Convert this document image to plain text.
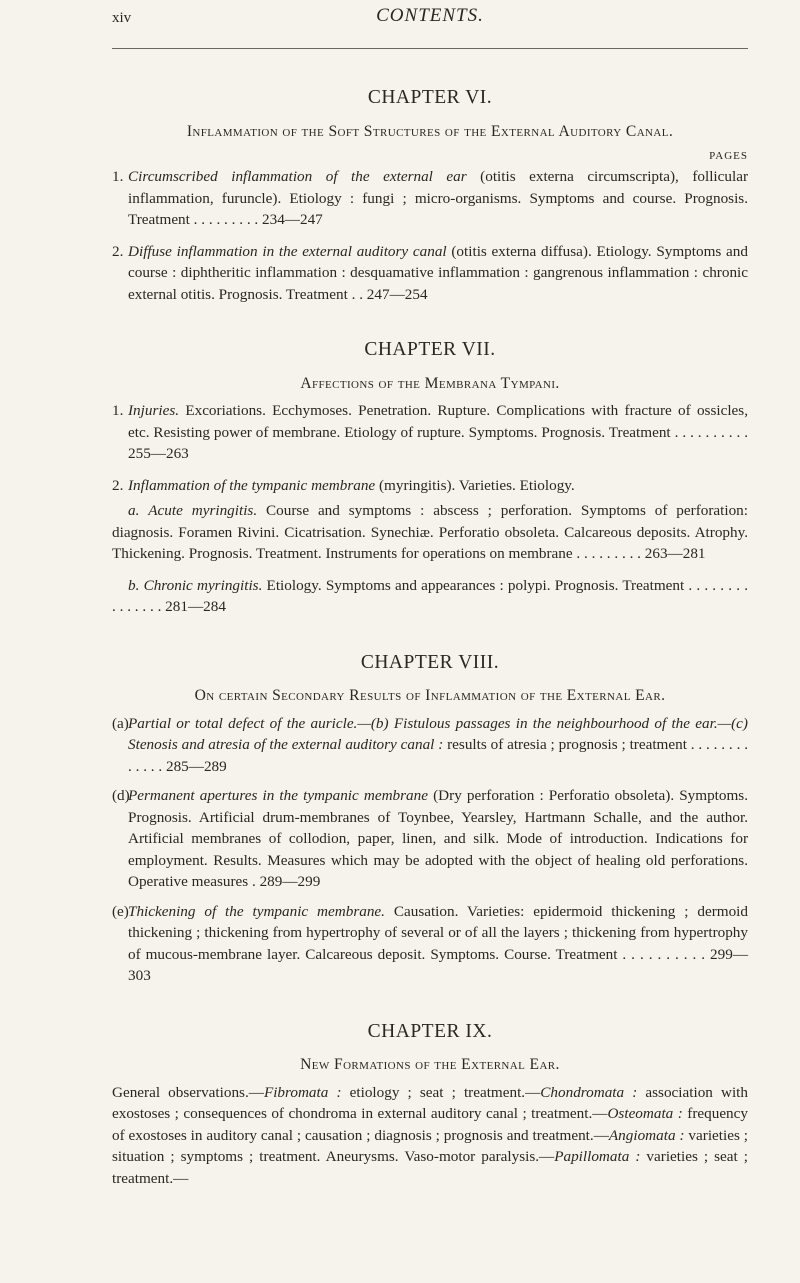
xiv	CONTENTS.
CHAPTER VI.
Inflammation of the Soft Structures of the External Auditory Canal.
PAGES
1. Circumscribed inflammation of the external ear (otitis externa circumscripta), follicular inflammation, furuncle). Etiology : fungi ; micro-organisms. Symptoms and course. Prognosis. Treatment . . . . . . . . . 234—247
2. Diffuse inflammation in the external auditory canal (otitis externa diffusa). Etiology. Symptoms and course : diphtheritic inflammation : desquamative inflammation : gangrenous inflammation : chronic external otitis. Prognosis. Treatment . . 247—254
CHAPTER VII.
Affections of the Membrana Tympani.
1. Injuries. Excoriations. Ecchymoses. Penetration. Rupture. Complications with fracture of ossicles, etc. Resisting power of membrane. Etiology of rupture. Symptoms. Prognosis. Treatment . . . . . . . . . . 255—263
2. Inflammation of the tympanic membrane (myringitis). Varieties. Etiology.
a. Acute myringitis. Course and symptoms : abscess ; perforation. Symptoms of perforation: diagnosis. Foramen Rivini. Cicatrisation. Synechiæ. Perforatio obsoleta. Calcareous deposits. Atrophy. Thickening. Prognosis. Treatment. Instruments for operations on membrane . . . . . . . . . 263—281
b. Chronic myringitis. Etiology. Symptoms and appearances : polypi. Prognosis. Treatment . . . . . . . . . . . . . . . 281—284
CHAPTER VIII.
On certain Secondary Results of Inflammation of the External Ear.
(a) Partial or total defect of the auricle.—(b) Fistulous passages in the neighbourhood of the ear.—(c) Stenosis and atresia of the external auditory canal : results of atresia ; prognosis ; treatment . . . . . . . . . . . . . 285—289
(d)
Permanent apertures in the tympanic membrane (Dry perforation : Perforatio obsoleta). Symptoms. Prognosis. Artificial drum-membranes of Toynbee, Yearsley, Hartmann Schalle, and the author. Artificial membranes of collodion, paper, linen, and silk. Mode of introduction. Indications for employment. Results. Measures which may be adopted with the object of healing old perforations. Operative measures . 289—299
(e) Thickening of the tympanic membrane. Causation. Varieties: epidermoid thickening ; dermoid thickening ; thickening from hypertrophy of several or of all the layers ; thickening from hypertrophy of mucous-membrane layer. Calcareous deposit. Symptoms. Course. Treatment . . . . . . . . . . 299—303
CHAPTER IX.
New Formations of the External Ear.
General observations.—Fibromata : etiology ; seat ; treatment.—Chondromata : association with exostoses ; consequences of chondroma in external auditory canal ; treatment.—Osteomata : frequency of exostoses in auditory canal ; causation ; diagnosis ; prognosis and treatment.—Angiomata : varieties ; situation ; symptoms ; treatment. Aneurysms. Vaso-motor paralysis.—Papillomata : varieties ; seat ; treatment.—
